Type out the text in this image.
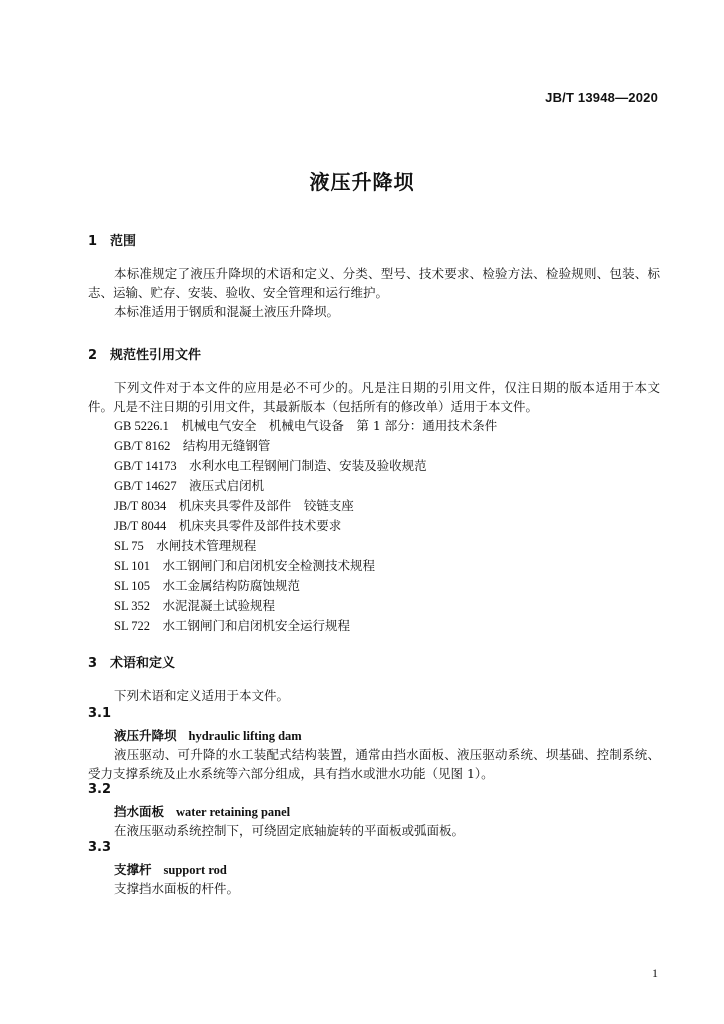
JB/T 13948—2020
液压升降坝
1 范围
本标准规定了液压升降坝的术语和定义、分类、型号、技术要求、检验方法、检验规则、包装、标志、运输、贮存、安装、验收、安全管理和运行维护。
本标准适用于钢质和混凝土液压升降坝。
2 规范性引用文件
下列文件对于本文件的应用是必不可少的。凡是注日期的引用文件，仅注日期的版本适用于本文件。凡是不注日期的引用文件，其最新版本（包括所有的修改单）适用于本文件。
GB 5226.1　 机械电气安全　机械电气设备　第 1 部分：通用技术条件
GB/T 8162　 结构用无缝钢管
GB/T 14173　 水利水电工程钢闸门制造、安装及验收规范
GB/T 14627　 液压式启闭机
JB/T 8034　 机床夹具零件及部件　铰链支座
JB/T 8044　 机床夹具零件及部件技术要求
SL 75　 水闸技术管理规程
SL 101　 水工钢闸门和启闭机安全检测技术规程
SL 105　 水工金属结构防腐蚀规范
SL 352　 水泥混凝土试验规程
SL 722　 水工钢闸门和启闭机安全运行规程
3 术语和定义
下列术语和定义适用于本文件。
3.1
液压升降坝 hydraulic lifting dam
液压驱动、可升降的水工装配式结构装置，通常由挡水面板、液压驱动系统、坝基础、控制系统、受力支撑系统及止水系统等六部分组成，具有挡水或泄水功能（见图 1）。
3.2
挡水面板 water retaining panel
在液压驱动系统控制下，可绕固定底轴旋转的平面板或弧面板。
3.3
支撑杆 support rod
支撑挡水面板的杆件。
1
